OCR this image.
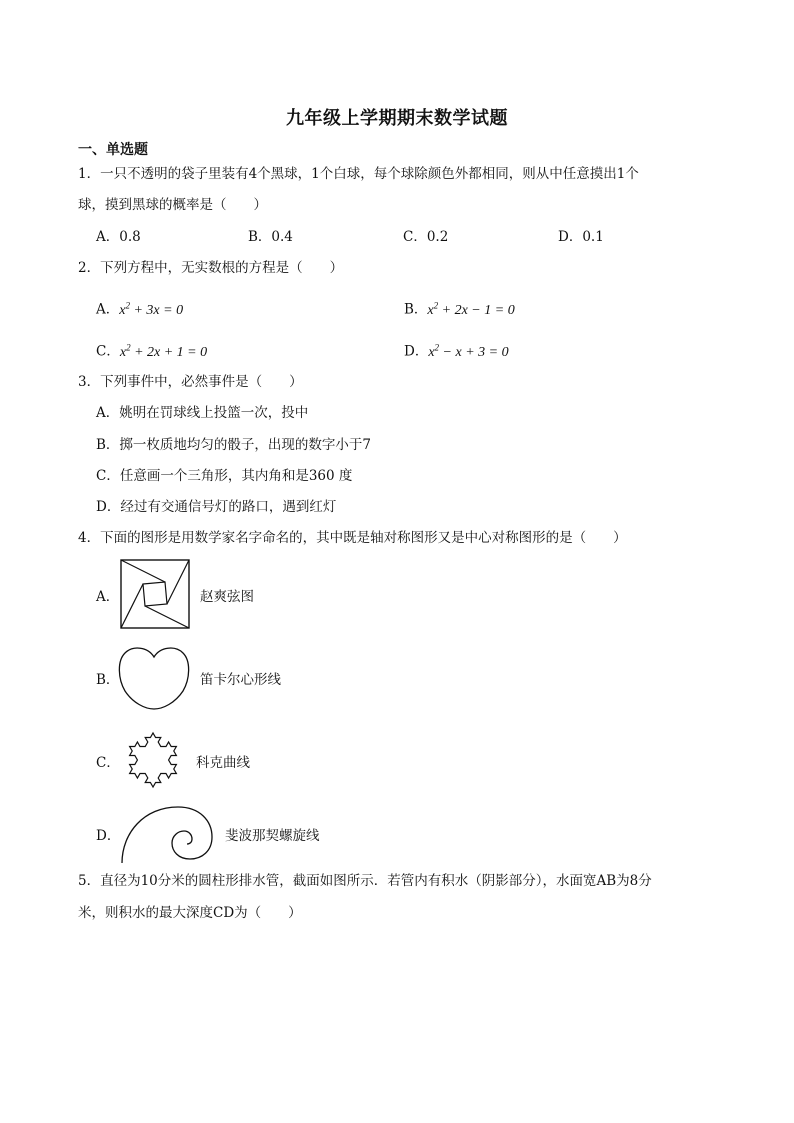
九年级上学期期末数学试题
一、单选题
1．一只不透明的袋子里装有4个黑球，1个白球，每个球除颜色外都相同，则从中任意摸出1个
球，摸到黑球的概率是（　　）
A．0.8	B．0.4	C．0.2	D．0.1
2．下列方程中，无实数根的方程是（　　）
A．$x^2 + 3x = 0$	B．$x^2 + 2x - 1 = 0$
C．$x^2 + 2x + 1 = 0$	D．$x^2 - x + 3 = 0$
3．下列事件中，必然事件是（　　）
A．姚明在罚球线上投篮一次，投中
B．掷一枚质地均匀的骰子，出现的数字小于7
C．任意画一个三角形，其内角和是360 度
D．经过有交通信号灯的路口，遇到红灯
4．下面的图形是用数学家名字命名的，其中既是轴对称图形又是中心对称图形的是（　　）
A．	赵爽弦图
B．	笛卡尔心形线
C．	科克曲线
D．	斐波那契螺旋线
5．直径为10分米的圆柱形排水管，截面如图所示．若管内有积水（阴影部分），水面宽AB为8分
米，则积水的最大深度CD为（　　）
